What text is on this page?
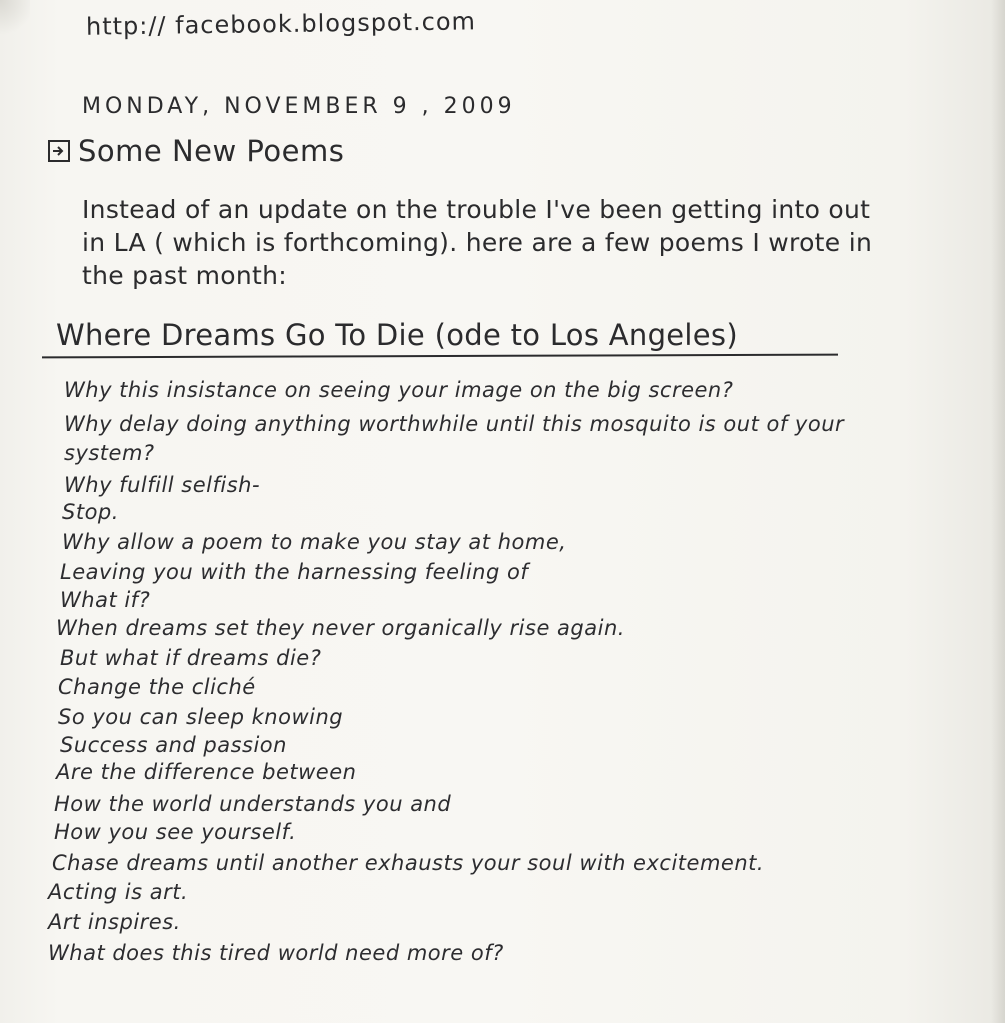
http:// facebook.blogspot.com
MONDAY, NOVEMBER 9 , 2009
Some New Poems
Instead of an update on the trouble I've been getting into out
in LA ( which is forthcoming). here are a few poems I wrote in
the past month:
Where Dreams Go To Die (ode to Los Angeles)
Why this insistance on seeing your image on the big screen?
Why delay doing anything worthwhile until this mosquito is out of your
system?
Why fulfill selfish-
Stop.
Why allow a poem to make you stay at home,
Leaving you with the harnessing feeling of
What if?
When dreams set they never organically rise again.
But what if dreams die?
Change the cliché
So you can sleep knowing
Success and passion
Are the difference between
How the world understands you and
How you see yourself.
Chase dreams until another exhausts your soul with excitement.
Acting is art.
Art inspires.
What does this tired world need more of?
